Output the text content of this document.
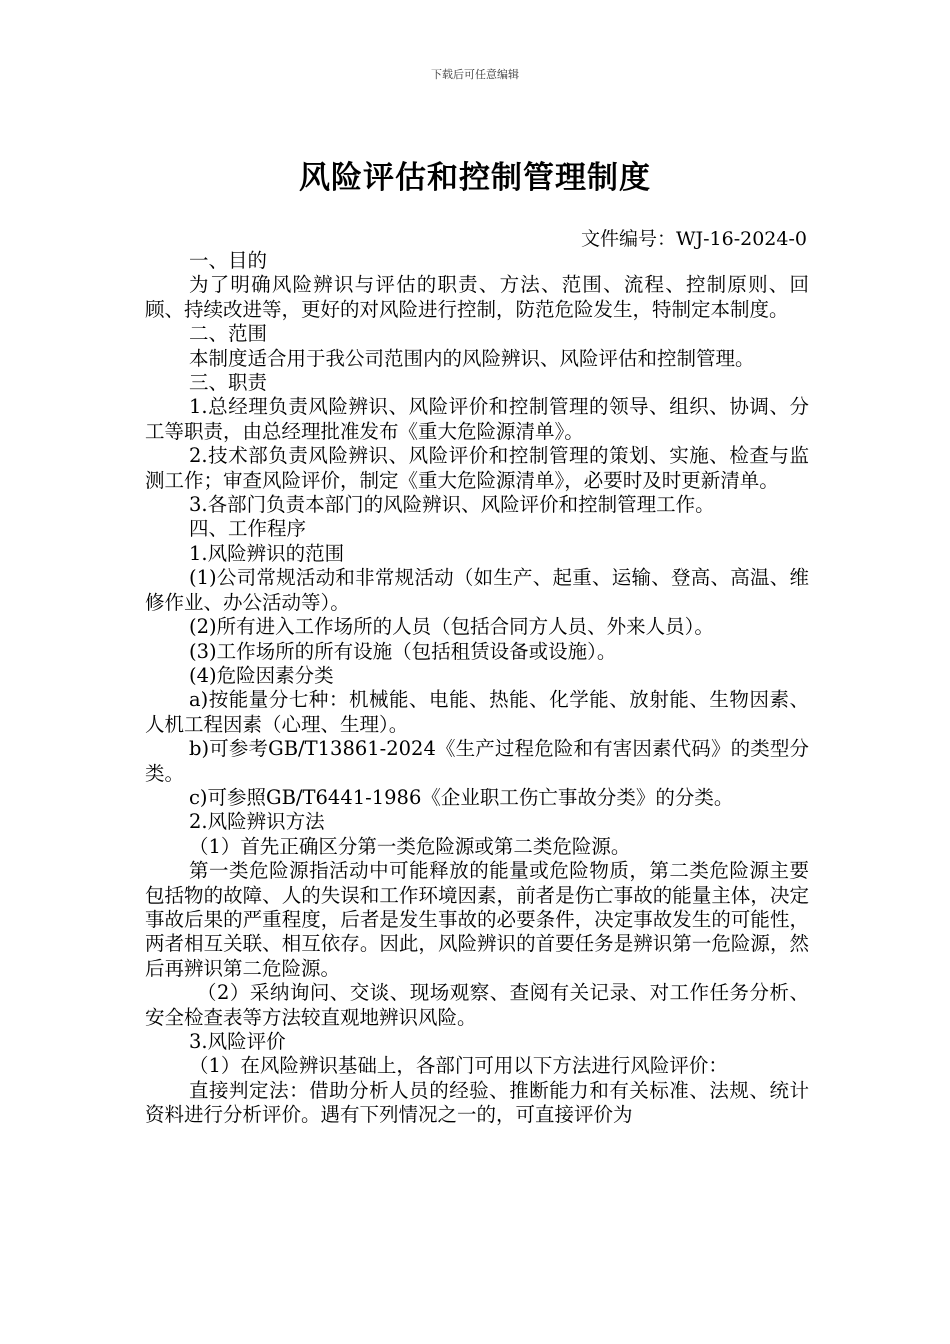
下载后可任意编辑
风险评估和控制管理制度
文件编号：WJ-16-2024-0

一、目的

为了明确风险辨识与评估的职责、方法、范围、流程、控制原则、回顾、持续改进等，更好的对风险进行控制，防范危险发生，特制定本制度。

二、范围

本制度适合用于我公司范围内的风险辨识、风险评估和控制管理。

三、职责

1.总经理负责风险辨识、风险评价和控制管理的领导、组织、协调、分工等职责，由总经理批准发布《重大危险源清单》。

2.技术部负责风险辨识、风险评价和控制管理的策划、实施、检查与监测工作；审查风险评价，制定《重大危险源清单》，必要时及时更新清单。

3.各部门负责本部门的风险辨识、风险评价和控制管理工作。

四、工作程序

1.风险辨识的范围

(1)公司常规活动和非常规活动（如生产、起重、运输、登高、高温、维修作业、办公活动等）。

(2)所有进入工作场所的人员（包括合同方人员、外来人员）。

(3)工作场所的所有设施（包括租赁设备或设施）。

(4)危险因素分类

a)按能量分七种：机械能、电能、热能、化学能、放射能、生物因素、人机工程因素（心理、生理）。

b)可参考GB/T13861-2024《生产过程危险和有害因素代码》的类型分类。

c)可参照GB/T6441-1986《企业职工伤亡事故分类》的分类。

2.风险辨识方法

（1）首先正确区分第一类危险源或第二类危险源。

第一类危险源指活动中可能释放的能量或危险物质，第二类危险源主要包括物的故障、人的失误和工作环境因素，前者是伤亡事故的能量主体，决定事故后果的严重程度，后者是发生事故的必要条件，决定事故发生的可能性，两者相互关联、相互依存。因此，风险辨识的首要任务是辨识第一危险源，然后再辨识第二危险源。

（2）采纳询问、交谈、现场观察、查阅有关记录、对工作任务分析、安全检查表等方法较直观地辨识风险。

3.风险评价

（1）在风险辨识基础上，各部门可用以下方法进行风险评价：

直接判定法：借助分析人员的经验、推断能力和有关标准、法规、统计资料进行分析评价。遇有下列情况之一的，可直接评价为
